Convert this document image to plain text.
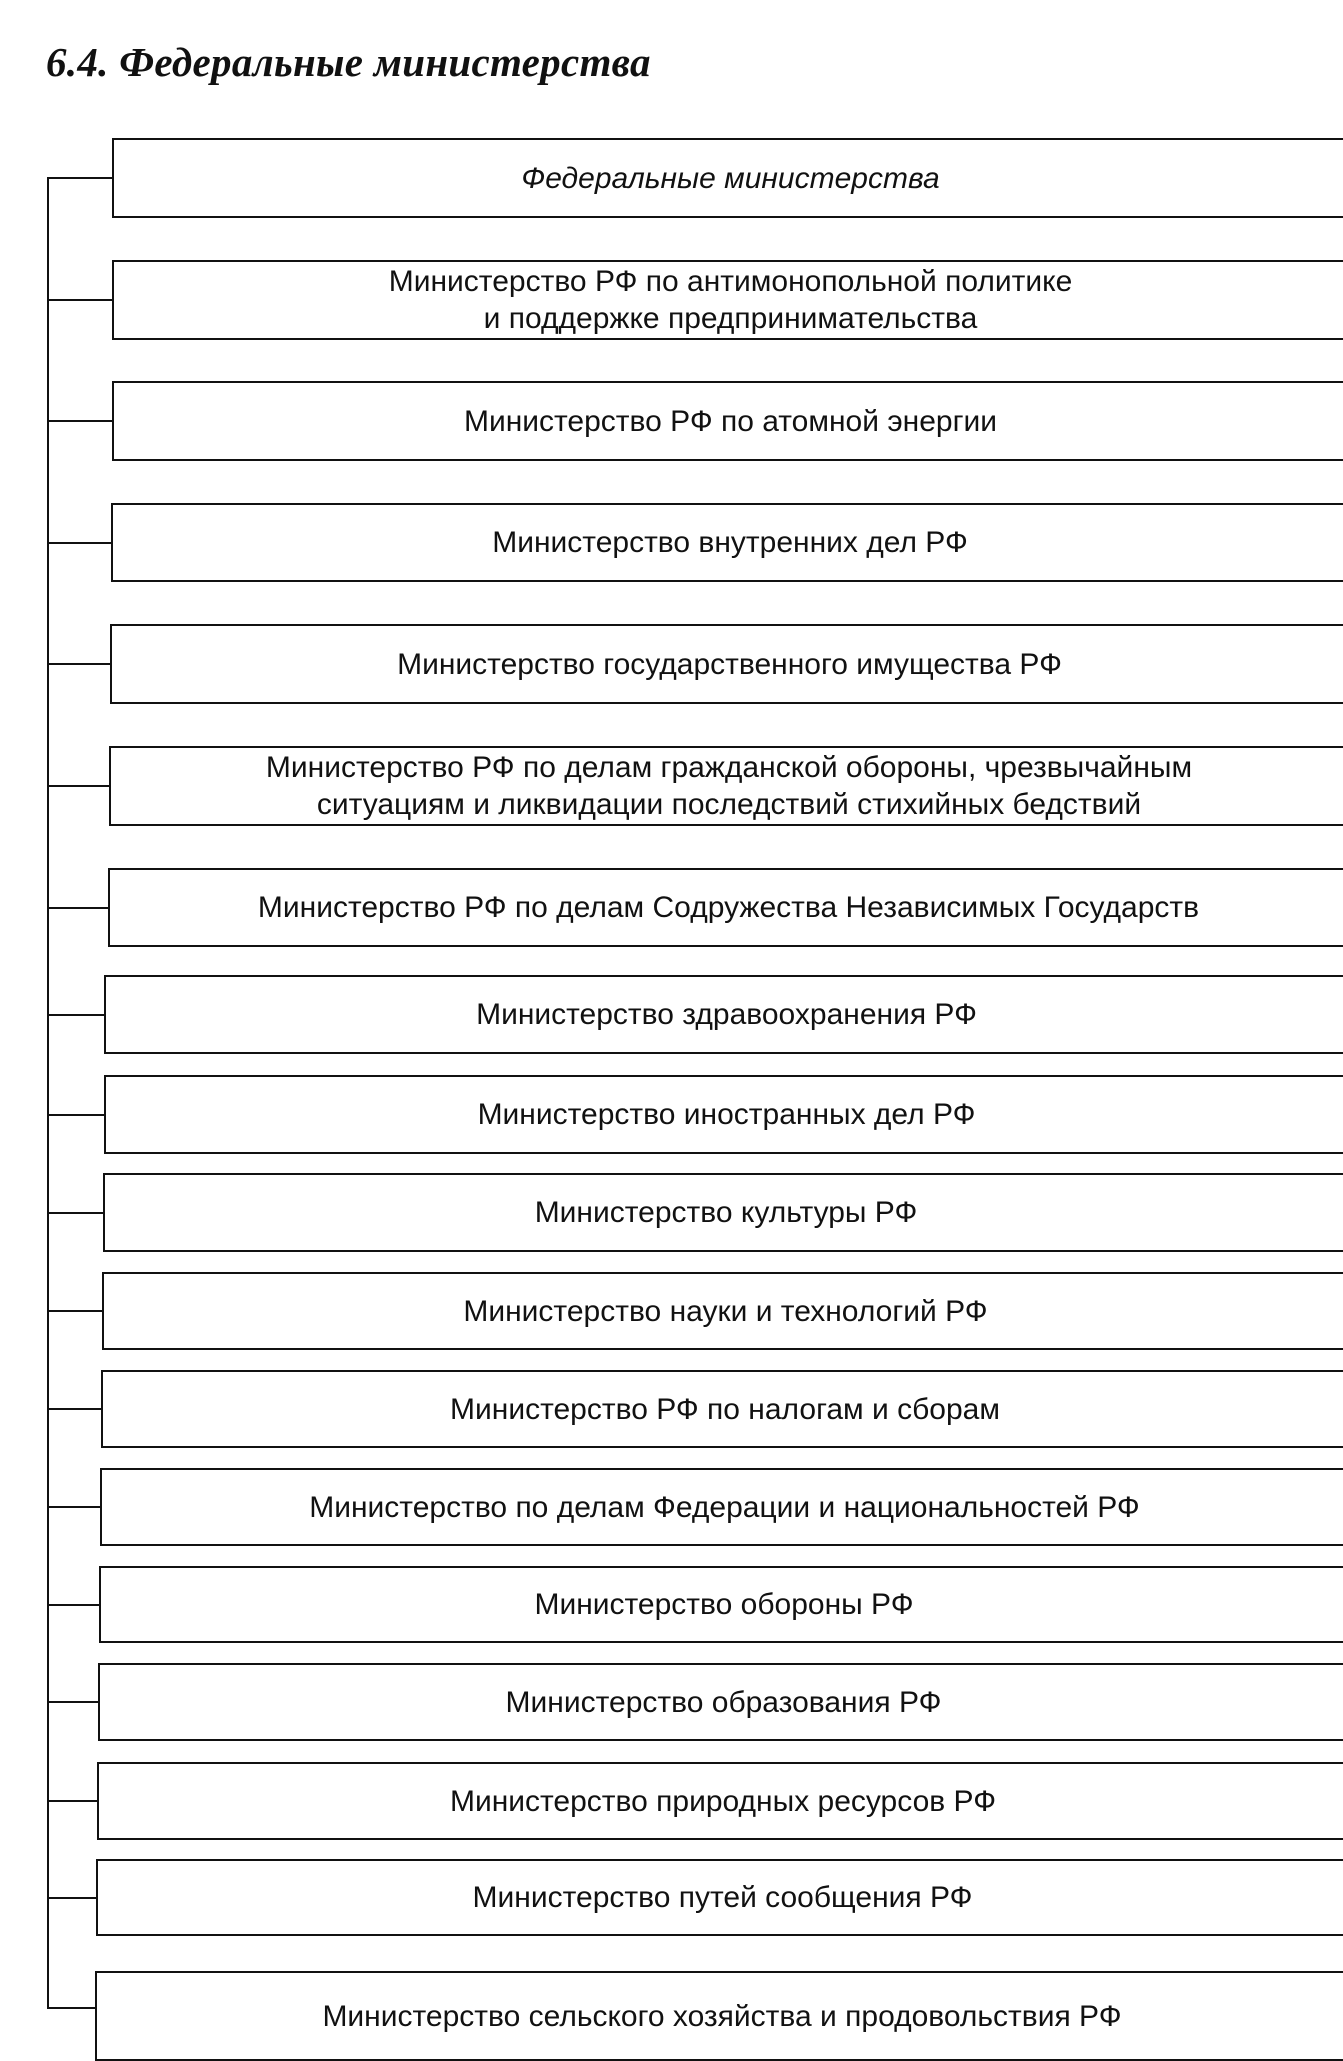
6.4. Федеральные министерства
Федеральные министерства
Министерство РФ по антимонопольной политике
и поддержке предпринимательства
Министерство РФ по атомной энергии
Министерство внутренних дел РФ
Министерство государственного имущества РФ
Министерство РФ по делам гражданской обороны, чрезвычайным
ситуациям и ликвидации последствий стихийных бедствий
Министерство РФ по делам Содружества Независимых Государств
Министерство здравоохранения РФ
Министерство иностранных дел РФ
Министерство культуры РФ
Министерство науки и технологий РФ
Министерство РФ по налогам и сборам
Министерство по делам Федерации и национальностей РФ
Министерство обороны РФ
Министерство образования РФ
Министерство природных ресурсов РФ
Министерство путей сообщения РФ
Министерство сельского хозяйства и продовольствия РФ
